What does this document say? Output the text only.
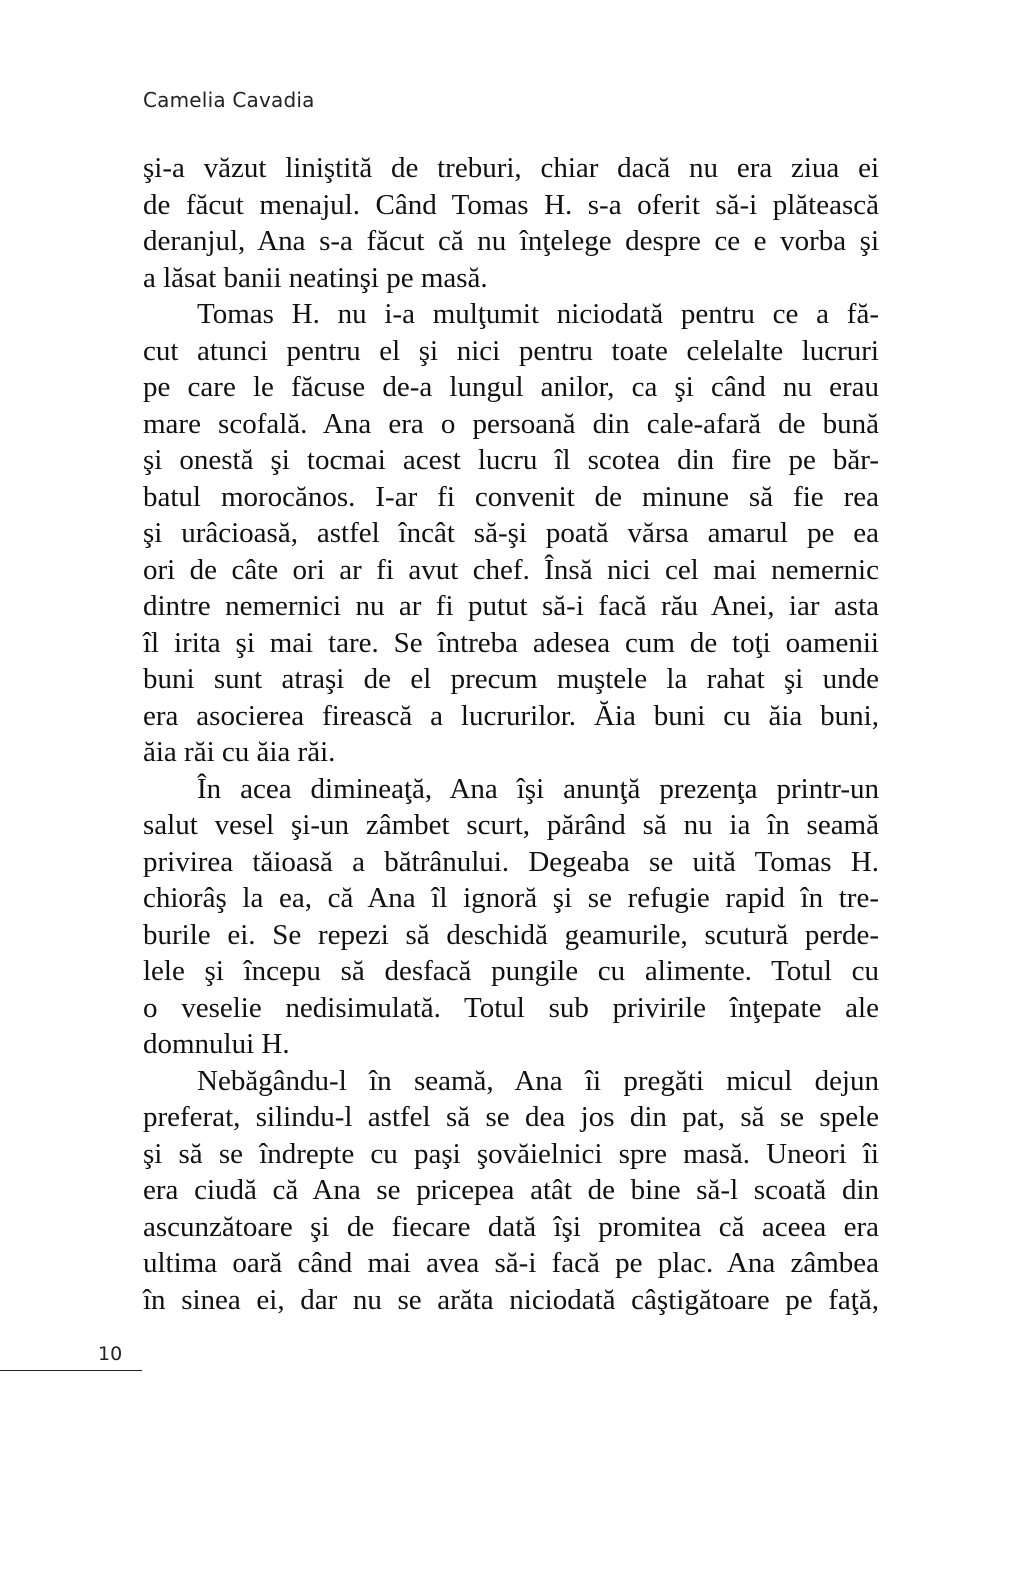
Camelia Cavadia
şi-a văzut liniştită de treburi, chiar dacă nu era ziua ei
de făcut menajul. Când Tomas H. s-a oferit să-i plătească
deranjul, Ana s-a făcut că nu înţelege despre ce e vorba şi
a lăsat banii neatinşi pe masă.
Tomas H. nu i-a mulţumit niciodată pentru ce a fă-
cut atunci pentru el şi nici pentru toate celelalte lucruri
pe care le făcuse de-a lungul anilor, ca şi când nu erau
mare scofală. Ana era o persoană din cale-afară de bună
şi onestă şi tocmai acest lucru îl scotea din fire pe băr-
batul morocănos. I-ar fi convenit de minune să fie rea
şi urâcioasă, astfel încât să-şi poată vărsa amarul pe ea
ori de câte ori ar fi avut chef. Însă nici cel mai nemernic
dintre nemernici nu ar fi putut să-i facă rău Anei, iar asta
îl irita şi mai tare. Se întreba adesea cum de toţi oamenii
buni sunt atraşi de el precum muştele la rahat şi unde
era asocierea firească a lucrurilor. Ăia buni cu ăia buni,
ăia răi cu ăia răi.
În acea dimineaţă, Ana îşi anunţă prezenţa printr-un
salut vesel şi-un zâmbet scurt, părând să nu ia în seamă
privirea tăioasă a bătrânului. Degeaba se uită Tomas H.
chiorâş la ea, că Ana îl ignoră şi se refugie rapid în tre-
burile ei. Se repezi să deschidă geamurile, scutură perde-
lele şi începu să desfacă pungile cu alimente. Totul cu
o veselie nedisimulată. Totul sub privirile înţepate ale
domnului H.
Nebăgându-l în seamă, Ana îi pregăti micul dejun
preferat, silindu-l astfel să se dea jos din pat, să se spele
şi să se îndrepte cu paşi şovăielnici spre masă. Uneori îi
era ciudă că Ana se pricepea atât de bine să-l scoată din
ascunzătoare şi de fiecare dată îşi promitea că aceea era
ultima oară când mai avea să-i facă pe plac. Ana zâmbea
în sinea ei, dar nu se arăta niciodată câştigătoare pe faţă,
10
